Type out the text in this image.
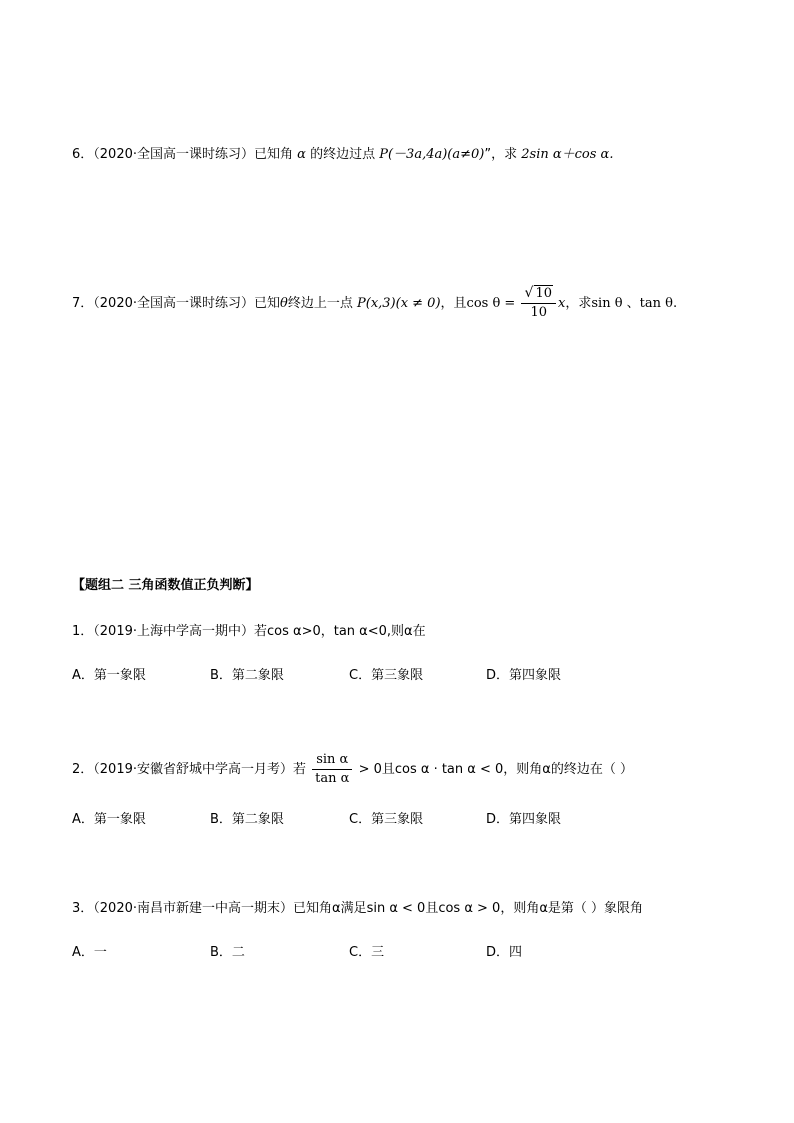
6．（2020·全国高一课时练习）已知角 α 的终边过点 P(－3a,4a)(a≠0)”，求 2sin α＋cos α.
7．（2020·全国高一课时练习）已知θ终边上一点 P(x,3)(x ≠ 0)，且cos θ =
√ $\frac{10}{10}$ x，求sin θ 、tan θ.
【题组二 三角函数值正负判断】
1．（2019·上海中学高一期中）若cos α>0，tan α<0,则α在
A．第一象限	B．第二象限	C．第三象限	D．第四象限
2．（2019·安徽省舒城中学高一月考）若 $\frac{\text{sin α}}{\text{tan α}} > 0$且cos α · tan α < 0，则角α的终边在（ ）
A．第一象限	B．第二象限	C．第三象限	D．第四象限
3．（2020·南昌市新建一中高一期末）已知角α满足sin α < 0且cos α > 0，则角α是第（ ）象限角
A．一	B．二	C．三	D．四
